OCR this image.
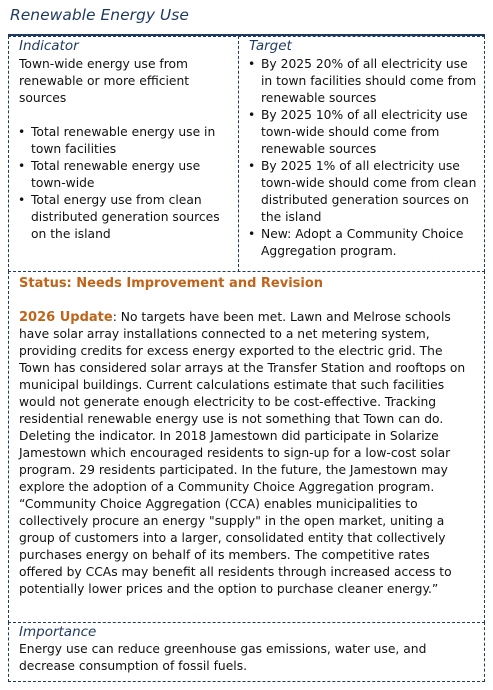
Renewable Energy Use
Indicator
Town-wide energy use from renewable or more efficient sources
• Total renewable energy use in town facilities
• Total renewable energy use town-wide
• Total energy use from clean distributed generation sources on the island
Target
• By 2025 20% of all electricity use in town facilities should come from renewable sources
• By 2025 10% of all electricity use town-wide should come from renewable sources
• By 2025 1% of all electricity use town-wide should come from clean distributed generation sources on the island
• New: Adopt a Community Choice Aggregation program.
Status: Needs Improvement and Revision
2026 Update: No targets have been met. Lawn and Melrose schools have solar array installations connected to a net metering system, providing credits for excess energy exported to the electric grid. The Town has considered solar arrays at the Transfer Station and rooftops on municipal buildings. Current calculations estimate that such facilities would not generate enough electricity to be cost-effective. Tracking residential renewable energy use is not something that Town can do. Deleting the indicator. In 2018 Jamestown did participate in Solarize Jamestown which encouraged residents to sign-up for a low-cost solar program. 29 residents participated. In the future, the Jamestown may explore the adoption of a Community Choice Aggregation program. “Community Choice Aggregation (CCA) enables municipalities to collectively procure an energy "supply" in the open market, uniting a group of customers into a larger, consolidated entity that collectively purchases energy on behalf of its members. The competitive rates offered by CCAs may benefit all residents through increased access to potentially lower prices and the option to purchase cleaner energy.”
Importance
Energy use can reduce greenhouse gas emissions, water use, and decrease consumption of fossil fuels.
